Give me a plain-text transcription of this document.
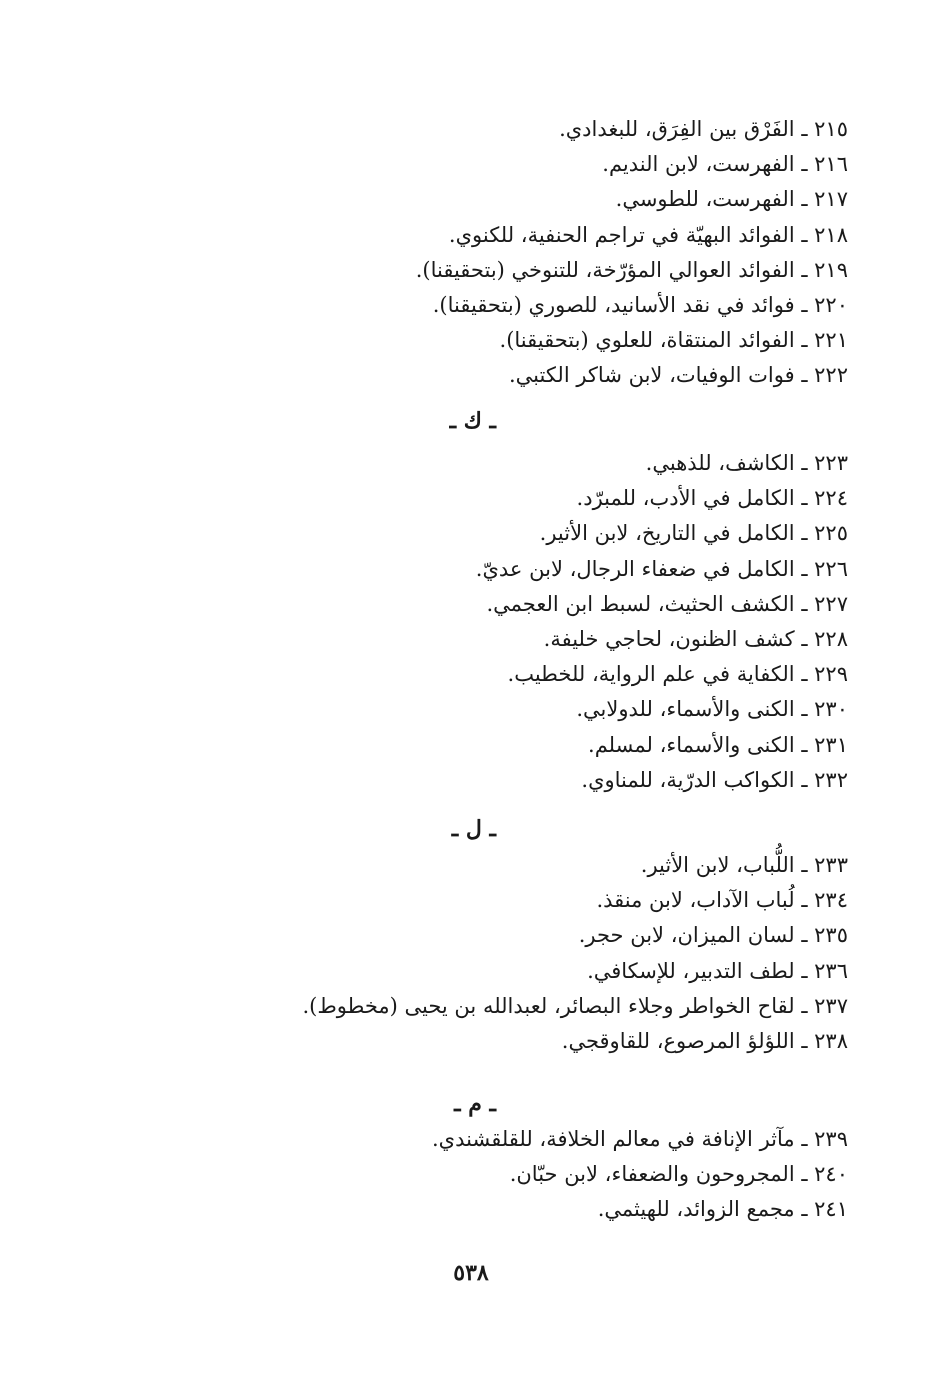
٢١٥ ـ الفَرْق بين الفِرَق، للبغدادي.
٢١٦ ـ الفهرست، لابن النديم.
٢١٧ ـ الفهرست، للطوسي.
٢١٨ ـ الفوائد البهيّة في تراجم الحنفية، للكنوي.
٢١٩ ـ الفوائد العوالي المؤرّخة، للتنوخي (بتحقيقنا).
٢٢٠ ـ فوائد في نقد الأسانيد، للصوري (بتحقيقنا).
٢٢١ ـ الفوائد المنتقاة، للعلوي (بتحقيقنا).
٢٢٢ ـ فوات الوفيات، لابن شاكر الكتبي.
ـ ك ـ
٢٢٣ ـ الكاشف، للذهبي.
٢٢٤ ـ الكامل في الأدب، للمبرّد.
٢٢٥ ـ الكامل في التاريخ، لابن الأثير.
٢٢٦ ـ الكامل في ضعفاء الرجال، لابن عديّ.
٢٢٧ ـ الكشف الحثيث، لسبط ابن العجمي.
٢٢٨ ـ كشف الظنون، لحاجي خليفة.
٢٢٩ ـ الكفاية في علم الرواية، للخطيب.
٢٣٠ ـ الكنى والأسماء، للدولابي.
٢٣١ ـ الكنى والأسماء، لمسلم.
٢٣٢ ـ الكواكب الدرّية، للمناوي.
ـ ل ـ
٢٣٣ ـ اللُّباب، لابن الأثير.
٢٣٤ ـ لُباب الآداب، لابن منقذ.
٢٣٥ ـ لسان الميزان، لابن حجر.
٢٣٦ ـ لطف التدبير، للإسكافي.
٢٣٧ ـ لقاح الخواطر وجلاء البصائر، لعبدالله بن يحيى (مخطوط).
٢٣٨ ـ اللؤلؤ المرصوع، للقاوقجي.
ـ م ـ
٢٣٩ ـ مآثر الإنافة في معالم الخلافة، للقلقشندي.
٢٤٠ ـ المجروحون والضعفاء، لابن حبّان.
٢٤١ ـ مجمع الزوائد، للهيثمي.
٥٣٨
